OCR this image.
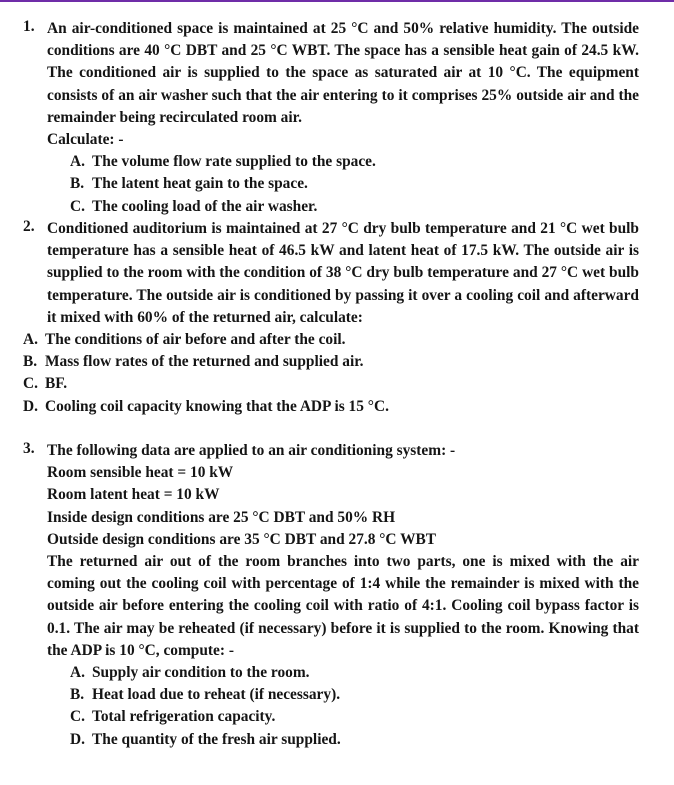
1. An air-conditioned space is maintained at 25 °C and 50% relative humidity. The outside conditions are 40 °C DBT and 25 °C WBT. The space has a sensible heat gain of 24.5 kW. The conditioned air is supplied to the space as saturated air at 10 °C. The equipment consists of an air washer such that the air entering to it comprises 25% outside air and the remainder being recirculated room air.
Calculate: -
A. The volume flow rate supplied to the space.
B. The latent heat gain to the space.
C. The cooling load of the air washer.
2. Conditioned auditorium is maintained at 27 °C dry bulb temperature and 21 °C wet bulb temperature has a sensible heat of 46.5 kW and latent heat of 17.5 kW. The outside air is supplied to the room with the condition of 38 °C dry bulb temperature and 27 °C wet bulb temperature. The outside air is conditioned by passing it over a cooling coil and afterward it mixed with 60% of the returned air, calculate:
A. The conditions of air before and after the coil.
B. Mass flow rates of the returned and supplied air.
C. BF.
D. Cooling coil capacity knowing that the ADP is 15 °C.
3. The following data are applied to an air conditioning system: -
Room sensible heat = 10 kW
Room latent heat = 10 kW
Inside design conditions are 25 °C DBT and 50% RH
Outside design conditions are 35 °C DBT and 27.8 °C WBT
The returned air out of the room branches into two parts, one is mixed with the air coming out the cooling coil with percentage of 1:4 while the remainder is mixed with the outside air before entering the cooling coil with ratio of 4:1. Cooling coil bypass factor is 0.1. The air may be reheated (if necessary) before it is supplied to the room. Knowing that the ADP is 10 °C, compute: -
A. Supply air condition to the room.
B. Heat load due to reheat (if necessary).
C. Total refrigeration capacity.
D. The quantity of the fresh air supplied.
